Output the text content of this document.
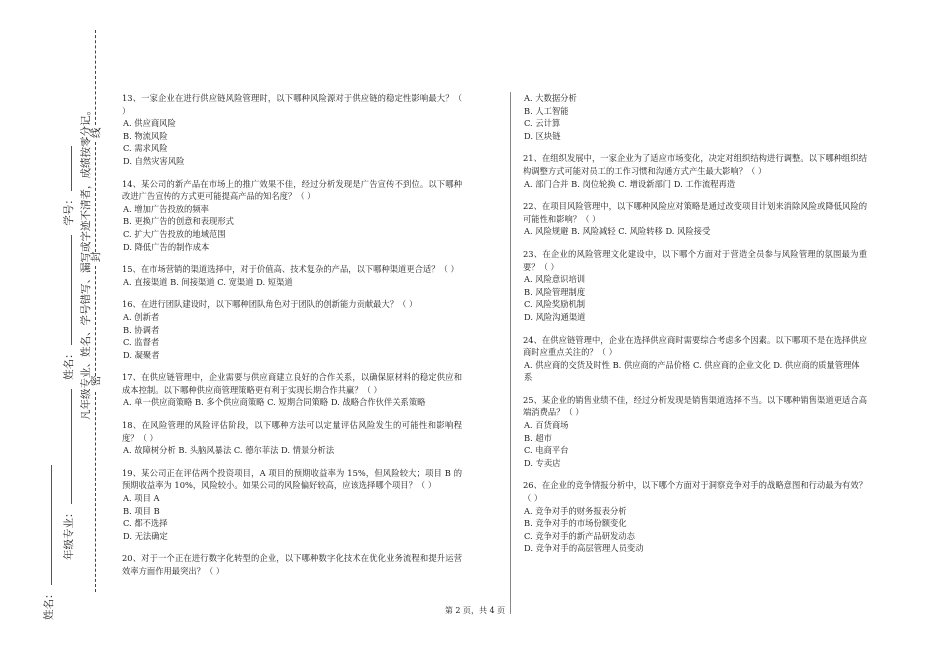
姓名：
年级专业：  姓名：  学号： 凡年级专业、姓名、学号错写、漏写或字迹不清者，成绩按零分记。
线
封
密
13、一家企业在进行供应链风险管理时，以下哪种风险源对于供应链的稳定性影响最大？（ ）
A. 供应商风险
B. 物流风险
C. 需求风险
D. 自然灾害风险
14、某公司的新产品在市场上的推广效果不佳，经过分析发现是广告宣传不到位。以下哪种改进广告宣传的方式更可能提高产品的知名度？（ ）
A. 增加广告投放的频率
B. 更换广告的创意和表现形式
C. 扩大广告投放的地域范围
D. 降低广告的制作成本
15、在市场营销的渠道选择中，对于价值高、技术复杂的产品，以下哪种渠道更合适？（ ）
A. 直接渠道 B. 间接渠道 C. 宽渠道 D. 短渠道
16、在进行团队建设时，以下哪种团队角色对于团队的创新能力贡献最大？（ ）
A. 创新者
B. 协调者
C. 监督者
D. 凝聚者
17、在供应链管理中，企业需要与供应商建立良好的合作关系，以确保原材料的稳定供应和成本控制。以下哪种供应商管理策略更有利于实现长期合作共赢？（ ）
A. 单一供应商策略 B. 多个供应商策略 C. 短期合同策略 D. 战略合作伙伴关系策略
18、在风险管理的风险评估阶段，以下哪种方法可以定量评估风险发生的可能性和影响程度？（ ）
A. 故障树分析 B. 头脑风暴法 C. 德尔菲法 D. 情景分析法
19、某公司正在评估两个投资项目，A 项目的预期收益率为 15%，但风险较大；项目 B 的预期收益率为 10%，风险较小。如果公司的风险偏好较高，应该选择哪个项目？（ ）
A. 项目 A
B. 项目 B
C. 都不选择
D. 无法确定
20、对于一个正在进行数字化转型的企业，以下哪种数字化技术在优化业务流程和提升运营效率方面作用最突出？（ ）
A. 大数据分析
B. 人工智能
C. 云计算
D. 区块链
21、在组织发展中，一家企业为了适应市场变化，决定对组织结构进行调整。以下哪种组织结构调整方式可能对员工的工作习惯和沟通方式产生最大影响？（ ）
A. 部门合并 B. 岗位轮换 C. 增设新部门 D. 工作流程再造
22、在项目风险管理中，以下哪种风险应对策略是通过改变项目计划来消除风险或降低风险的可能性和影响？（ ）
A. 风险规避 B. 风险减轻 C. 风险转移 D. 风险接受
23、在企业的风险管理文化建设中，以下哪个方面对于营造全员参与风险管理的氛围最为重要？（ ）
A. 风险意识培训
B. 风险管理制度
C. 风险奖励机制
D. 风险沟通渠道
24、在供应链管理中，企业在选择供应商时需要综合考虑多个因素。以下哪项不是在选择供应商时应重点关注的？（ ）
A. 供应商的交货及时性 B. 供应商的产品价格 C. 供应商的企业文化 D. 供应商的质量管理体系
25、某企业的销售业绩不佳，经过分析发现是销售渠道选择不当。以下哪种销售渠道更适合高端消费品？（ ）
A. 百货商场
B. 超市
C. 电商平台
D. 专卖店
26、在企业的竞争情报分析中，以下哪个方面对于洞察竞争对手的战略意图和行动最为有效？（ ）
A. 竞争对手的财务报表分析
B. 竞争对手的市场份额变化
C. 竞争对手的新产品研发动态
D. 竞争对手的高层管理人员变动
第 2 页，共 4 页
